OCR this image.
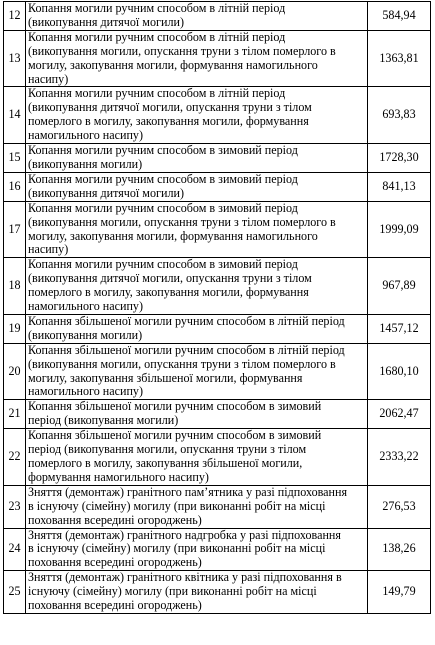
12	Копання могили ручним способом в літній період
(викопування дитячої могили)	584,94
13	Копання могили ручним способом в літній період
(викопування могили, опускання труни з тілом померлого в
могилу, закопування могили, формування намогильного
насипу)	1363,81
14	Копання могили ручним способом в літній період
(викопування дитячої могили, опускання труни з тілом
померлого в могилу, закопування могили, формування
намогильного насипу)	693,83
15	Копання могили ручним способом в зимовий період
(викопування могили)	1728,30
16	Копання могили ручним способом в зимовий період
(викопування дитячої могили)	841,13
17	Копання могили ручним способом в зимовий період
(викопування могили, опускання труни з тілом померлого в
могилу, закопування могили, формування намогильного
насипу)	1999,09
18	Копання могили ручним способом в зимовий період
(викопування дитячої могили, опускання труни з тілом
померлого в могилу, закопування могили, формування
намогильного насипу)	967,89
19	Копання збільшеної могили ручним способом в літній період
(викопування могили)	1457,12
20	Копання збільшеної могили ручним способом в літній період
(викопування могили, опускання труни з тілом померлого в
могилу, закопування збільшеної могили, формування
намогильного насипу)	1680,10
21	Копання збільшеної могили ручним способом в зимовий
період (викопування могили)	2062,47
22	Копання збільшеної могили ручним способом в зимовий
період (викопування могили, опускання труни з тілом
померлого в могилу, закопування збільшеної могили,
формування намогильного насипу)	2333,22
23	Зняття (демонтаж) гранітного пам’ятника у разі підпоховання
в існуючу (сімейну) могилу (при виконанні робіт на місці
поховання всередині огороджень)	276,53
24	Зняття (демонтаж) гранітного надгробка у разі підпоховання
в існуючу (сімейну) могилу (при виконанні робіт на місці
поховання всередині огороджень)	138,26
25	Зняття (демонтаж) гранітного квітника у разі підпоховання в
існуючу (сімейну) могилу (при виконанні робіт на місці
поховання всередині огороджень)	149,79
